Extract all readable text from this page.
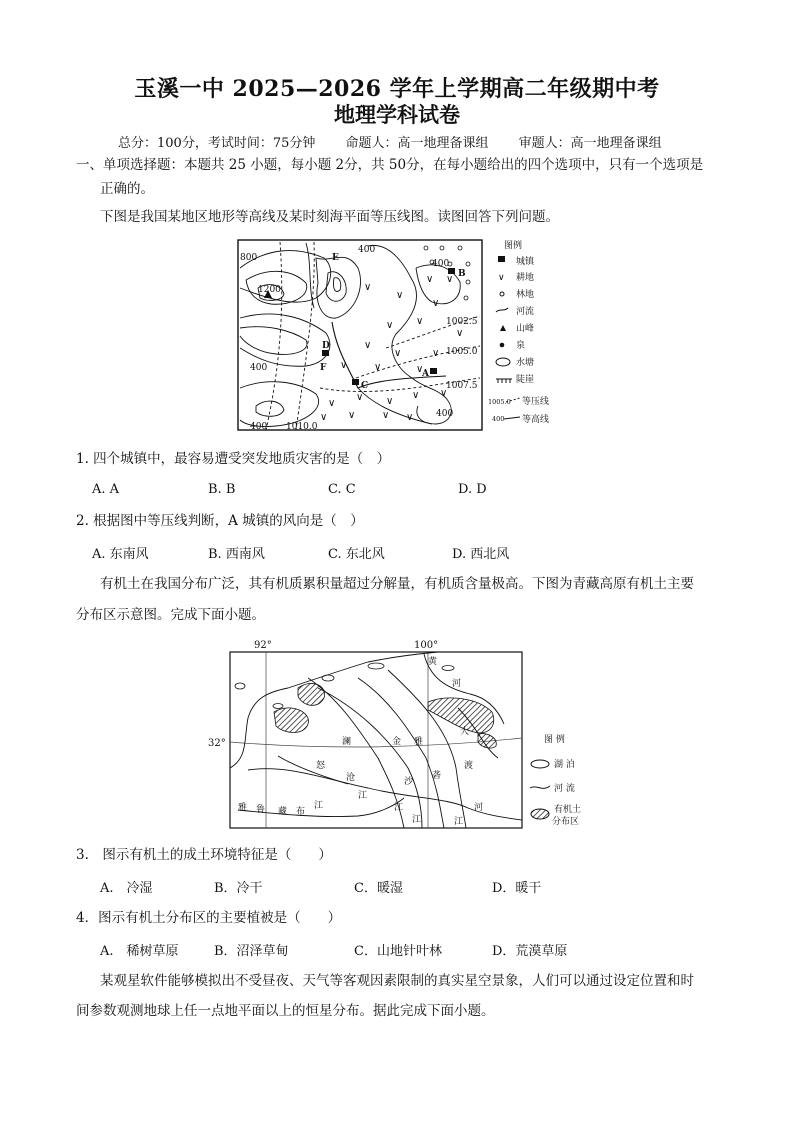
玉溪一中 2025—2026 学年上学期高二年级期中考
地理学科试卷
总分：100分，考试时间：75分钟 命题人：高一地理备课组 审题人：高一地理备课组
一、单项选择题：本题共 25 小题，每小题 2分，共 50分，在每小题给出的四个选项中，只有一个选项是
正确的。
下图是我国某地区地形等高线及某时刻海平面等压线图。读图回答下列问题。
∨
∨
∨
∨
∨ ∨
∨
∨	∨
∨	∨	∨
∨
∨ ∨
∨ ∨
∨
∨
∨	∨
∨ ∨
800
1200
400
400
400
400
400 1010.0
1002.5
1005.0
1007.5
A
B
C
D
E
F
图例
城镇
∨ 耕地
林地
河流
山峰
泉
水塘
陡崖
1005.0 等压线
400 等高线
1. 四个城镇中，最容易遭受突发地质灾害的是（　）
A. A	B. B	C. C	D. D
2. 根据图中等压线判断，A 城镇的风向是（　）
A. 东南风	B. 西南风	C. 东北风	D. 西北风
有机土在我国分布广泛，其有机质累积量超过分解量，有机质含量极高。下图为青藏高原有机土主要
分布区示意图。完成下面小题。
92°	100°
32°
黄
河
大
澜	金 雅
怒
沧	沙
砻
渡
江
江
江	江
河
雅 鲁 藏 布
江
图 例
湖 泊
河 流
有机土
分布区
3.　图示有机土的成土环境特征是（　　）
A.　冷湿	B．冷干	C．暖湿	D．暖干
4．图示有机土分布区的主要植被是（　　）
A.　稀树草原	B．沼泽草甸	C．山地针叶林	D．荒漠草原
某观星软件能够模拟出不受昼夜、天气等客观因素限制的真实星空景象，人们可以通过设定位置和时
间参数观测地球上任一点地平面以上的恒星分布。据此完成下面小题。
